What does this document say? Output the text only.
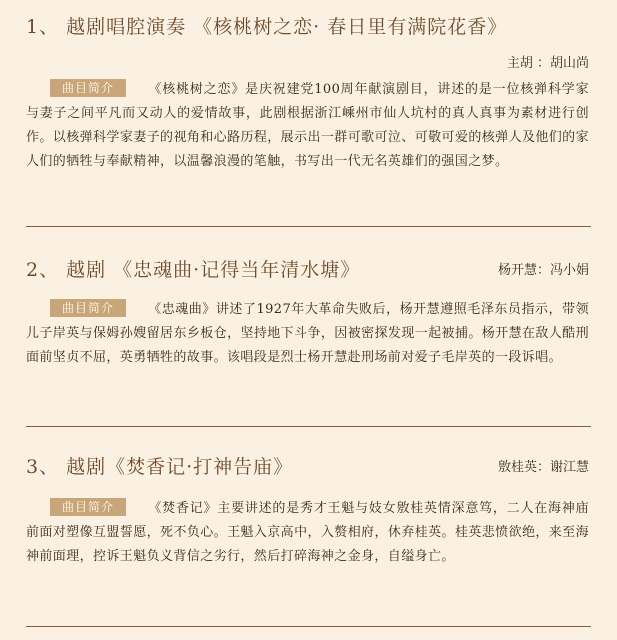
1、 越剧唱腔演奏 《核桃树之恋· 春日里有满院花香》
主胡 ：胡山尚
曲目简介	《核桃树之恋》是庆祝建党100周年献演剧目，讲述的是一位核弹科学家与妻子之间平凡而又动人的爱情故事，此剧根据浙江嵊州市仙人坑村的真人真事为素材进行创作。以核弹科学家妻子的视角和心路历程，展示出一群可歌可泣、可敬可爱的核弹人及他们的家人们的牺牲与奉献精神，以温馨浪漫的笔触，书写出一代无名英雄们的强国之梦。
2、 越剧 《忠魂曲·记得当年清水塘》	杨开慧：冯小娟
曲目简介	《忠魂曲》讲述了1927年大革命失败后，杨开慧遵照毛泽东员指示，带领儿子岸英与保姆孙嫂留居东乡板仓，坚持地下斗争，因被密探发现一起被捕。杨开慧在敌人酷刑面前坚贞不屈，英勇牺牲的故事。该唱段是烈士杨开慧赴刑场前对爱子毛岸英的一段诉唱。
3、 越剧《焚香记·打神告庙》	敫桂英：谢江慧
曲目简介	《焚香记》主要讲述的是秀才王魁与妓女敫桂英情深意笃，二人在海神庙前面对塑像互盟誓愿，死不负心。王魁入京高中，入赘相府，休弃桂英。桂英悲愤欲绝，来至海神前面理，控诉王魁负义背信之劣行，然后打碎海神之金身，自缢身亡。
